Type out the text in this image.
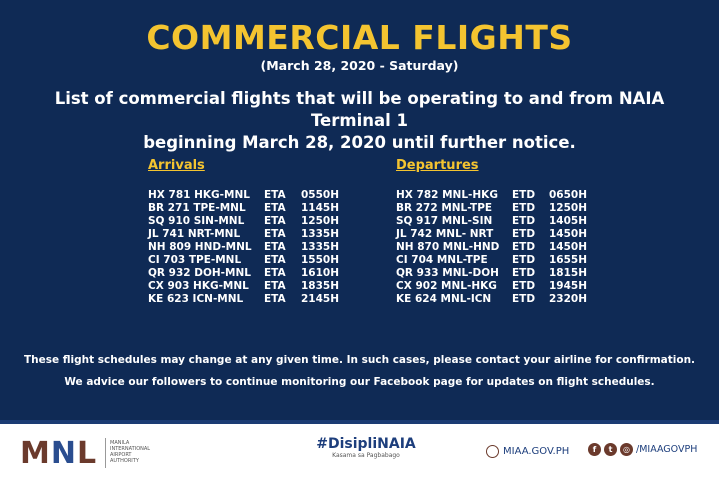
COMMERCIAL FLIGHTS
(March 28, 2020 - Saturday)
List of commercial flights that will be operating to and from NAIA Terminal 1
beginning March 28, 2020 until further notice.
Arrivals
HX 781 HKG-MNL	ETA	0550H
BR 271 TPE-MNL	ETA	1145H
SQ 910 SIN-MNL	ETA	1250H
JL 741 NRT-MNL	ETA	1335H
NH 809 HND-MNL	ETA	1335H
CI 703 TPE-MNL	ETA	1550H
QR 932 DOH-MNL	ETA	1610H
CX 903 HKG-MNL	ETA	1835H
KE 623 ICN-MNL	ETA	2145H
Departures
HX 782 MNL-HKG	ETD	0650H
BR 272 MNL-TPE	ETD	1250H
SQ 917 MNL-SIN	ETD	1405H
JL 742 MNL- NRT	ETD	1450H
NH 870 MNL-HND	ETD	1450H
CI 704 MNL-TPE	ETD	1655H
QR 933 MNL-DOH	ETD	1815H
CX 902 MNL-HKG	ETD	1945H
KE 624 MNL-ICN	ETD	2320H
These flight schedules may change at any given time. In such cases, please contact your airline for confirmation.
We advice our followers to continue monitoring our Facebook page for updates on flight schedules.
MNL	MANILA INTERNATIONAL AIRPORT AUTHORITY
#DisipliNAIA
Kasama sa Pagbabago	MIAA.GOV.PH	f	t	◎ /MIAAGOVPH
